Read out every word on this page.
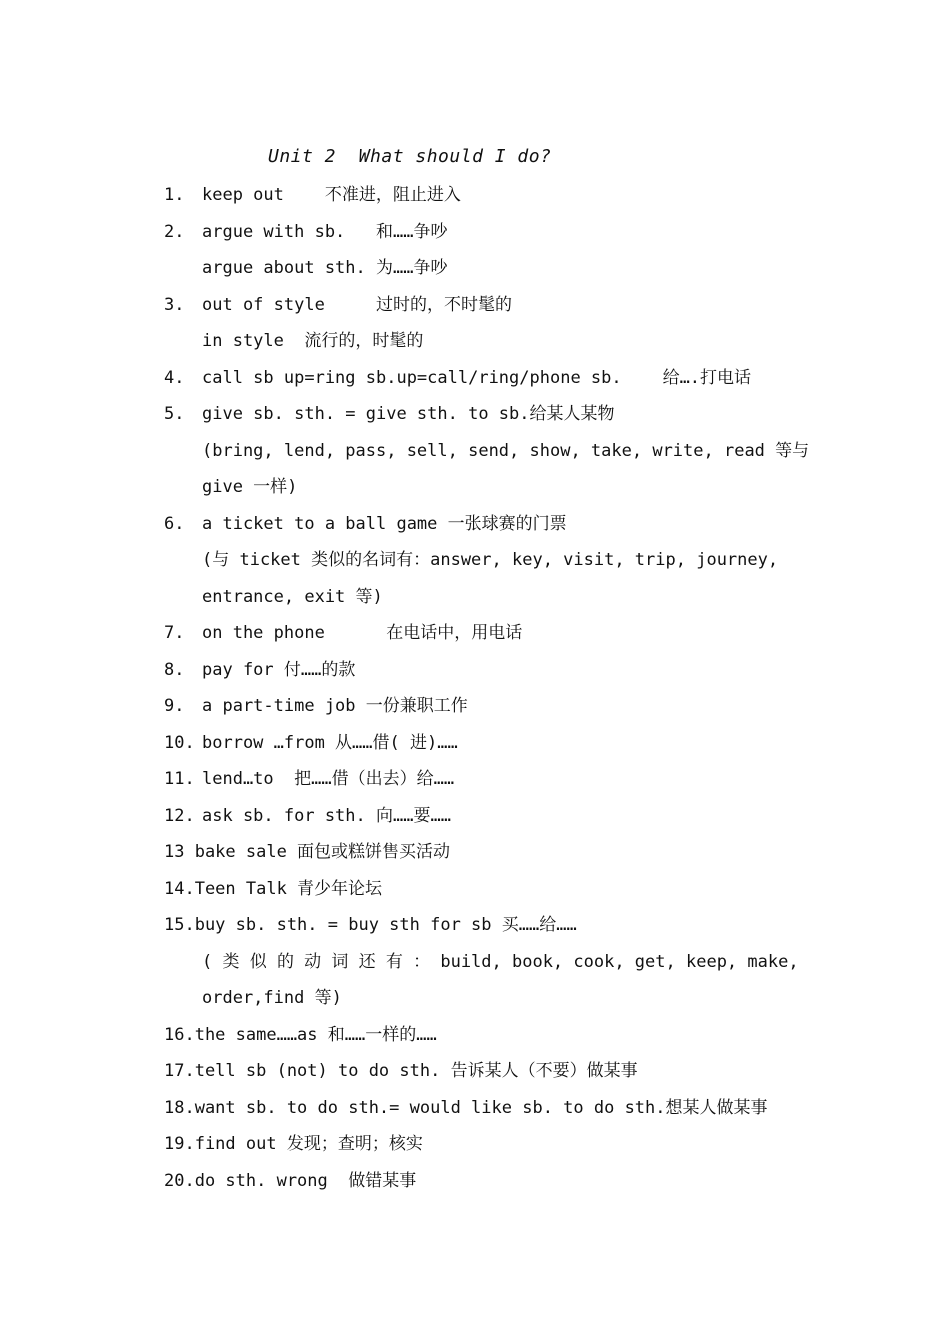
Unit 2  What should I do?
1. keep out    不准进，阻止进入
2. argue with sb.   和……争吵
argue about sth. 为……争吵
3. out of style     过时的，不时髦的
in style  流行的，时髦的
4. call sb up=ring sb.up=call/ring/phone sb.    给….打电话
5. give sb. sth. = give sth. to sb.给某人某物
(bring, lend, pass, sell, send, show, take, write, read 等与
give 一样)
6. a ticket to a ball game 一张球赛的门票
(与 ticket 类似的名词有：answer, key, visit, trip, journey,
entrance, exit 等)
7. on the phone      在电话中，用电话
8. pay for 付……的款
9. a part-time job 一份兼职工作
10. borrow …from 从……借( 进)……
11. lend…to  把……借（出去）给……
12. ask sb. for sth. 向……要……
13 bake sale 面包或糕饼售买活动
14.Teen Talk 青少年论坛
15.buy sb. sth. = buy sth for sb 买……给……
( 类 似 的 动 词 还 有 ： build, book, cook, get, keep, make,
order,find 等)
16.the same……as 和……一样的……
17.tell sb (not) to do sth. 告诉某人（不要）做某事
18.want sb. to do sth.= would like sb. to do sth.想某人做某事
19.find out 发现；查明；核实
20.do sth. wrong  做错某事
